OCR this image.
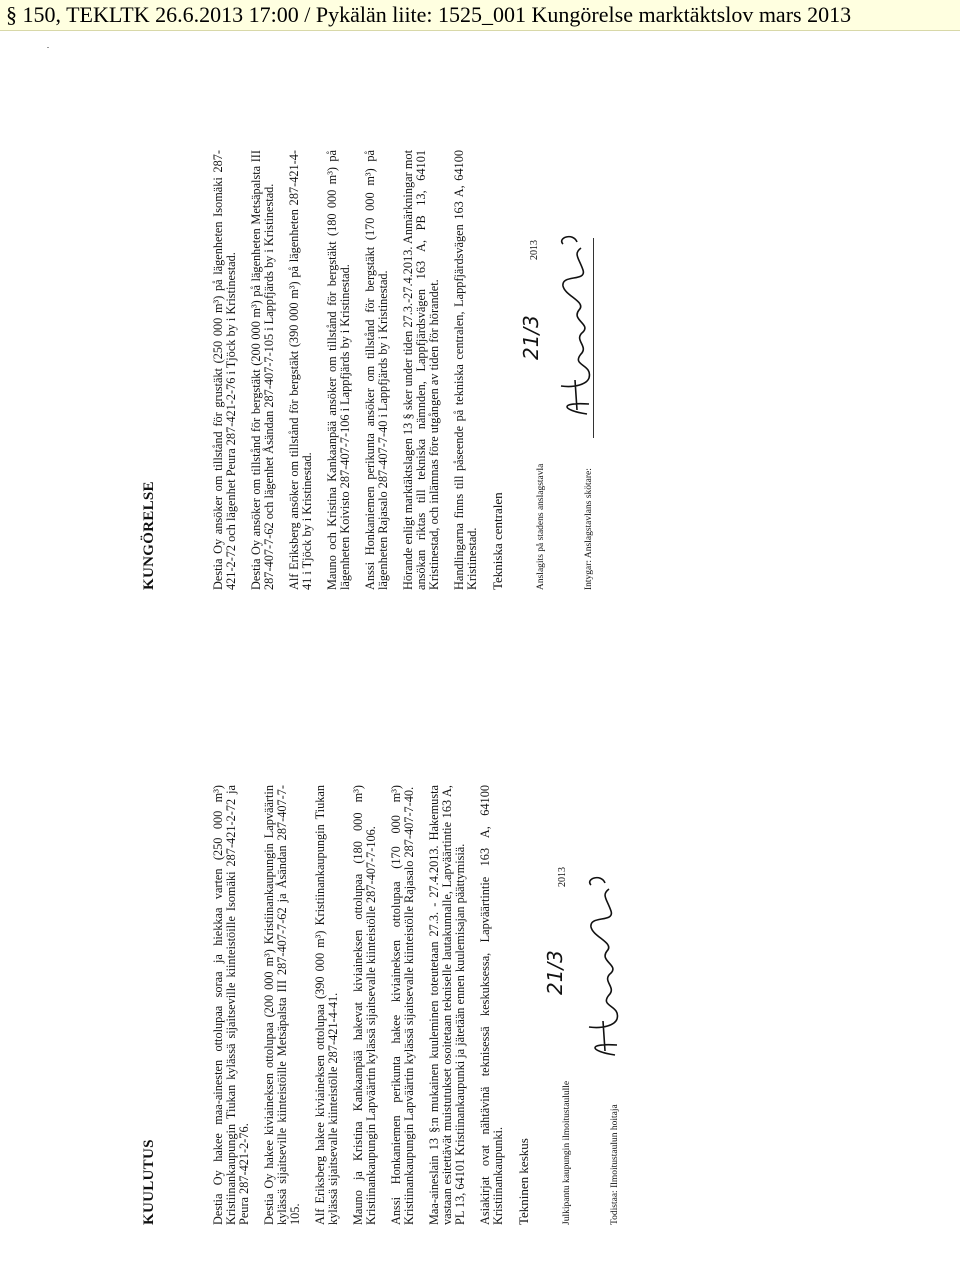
§ 150, TEKLTK 26.6.2013 17:00 / Pykälän liite: 1525_001 Kungörelse marktäktslov mars 2013
KUULUTUS	Destia Oy hakee maa-ainesten ottolupaa soraa ja hiekkaa varten (250 000 m³) Kristiinankaupungin Tiukan kylässä sijaitseville kiinteistöille Isomäki 287-421-2-72 ja Peura 287-421-2-76. Destia Oy hakee kiviaineksen ottolupaa (200 000 m³) Kristiinankaupungin Lapväärtin kylässä sijaitseville kiinteistöille Metsäpalsta III 287-407-7-62 ja Åsändan 287-407-7-105. Alf Eriksberg hakee kiviaineksen ottolupaa (390 000 m³) Kristiinankaupungin Tiukan kylässä sijaitsevalle kiinteistölle 287-421-4-41. Mauno ja Kristina Kankaanpää hakevat kiviaineksen ottolupaa (180 000 m³) Kristiinankaupungin Lapväärtin kylässä sijaitsevalle kiinteistölle 287-407-7-106. Anssi Honkaniemen perikunta hakee kiviaineksen ottolupaa (170 000 m³) Kristiinankaupungin Lapväärtin kylässä sijaitsevalle kiinteistölle Rajasalo 287-407-7-40. Maa-aineslain 13 §:n mukainen kuuleminen toteutetaan 27.3. - 27.4.2013. Hakemusta vastaan esitettävät muistutukset osoitetaan tekniselle lautakunnalle, Lapväärtintie 163 A, PL 13, 64101 Kristiinankaupunki ja jätetään ennen kuulemisajan päättymisiä. Asiakirjat ovat nähtävinä teknisessä keskuksessa, Lapväärtintie 163 A, 64100 Kristiinankaupunki. Tekninen keskus	Julkipantu kaupungin ilmoitustaululle
21/3
2013
Todistaa: Ilmoitustaulun hoitaja
KUNGÖRELSE	Destia Oy ansöker om tillstånd för grustäkt (250 000 m³) på lägenheten Isomäki 287-421-2-72 och lägenhet Peura 287-421-2-76 i Tjöck by i Kristinestad. Destia Oy ansöker om tillstånd för bergstäkt (200 000 m³) på lägenheten Metsäpalsta III 287-407-7-62 och lägenhet Åsändan 287-407-7-105 i Lappfjärds by i Kristinestad. Alf Eriksberg ansöker om tillstånd för bergstäkt (390 000 m³) på lägenheten 287-421-4-41 i Tjöck by i Kristinestad. Mauno och Kristina Kankaanpää ansöker om tillstånd för bergstäkt (180 000 m³) på lägenheten Koivisto 287-407-7-106 i Lappfjärds by i Kristinestad. Anssi Honkaniemen perikunta ansöker om tillstånd för bergstäkt (170 000 m³) på lägenheten Rajasalo 287-407-7-40 i Lappfjärds by i Kristinestad. Hörande enligt marktäktslagen 13 § sker under tiden 27.3.-27.4.2013. Anmärkningar mot ansökan riktas till tekniska nämnden, Lappfjärdsvägen 163 A, PB 13, 64101 Kristinestad, och inlämnas före utgången av tiden för hörandet. Handlingarna finns till påseende på tekniska centralen, Lappfjärdsvägen 163 A, 64100 Kristinestad. Tekniska centralen	Anslagits på stadens anslagstavla
21/3
2013
Intygar: Anslagstavlans skötare:
